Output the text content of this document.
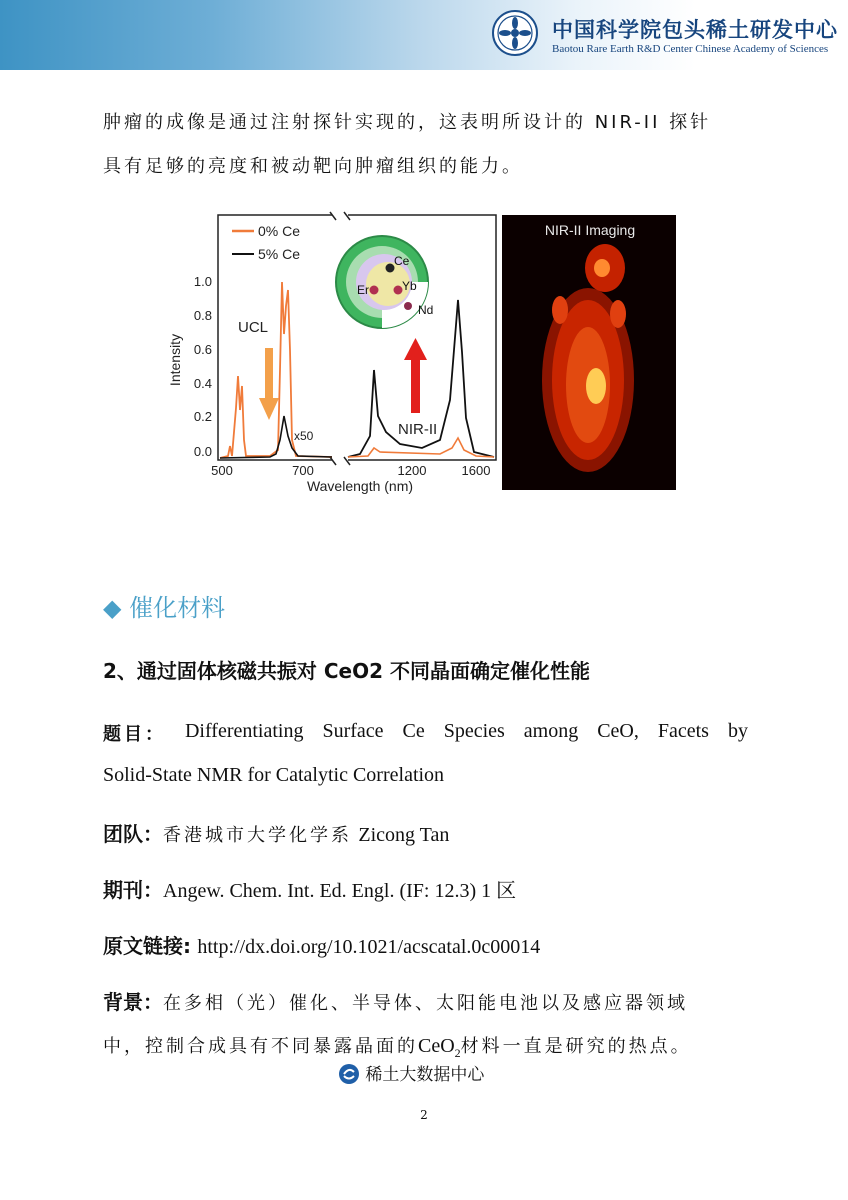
中国科学院包头稀土研发中心
Baotou Rare Earth R&D Center Chinese Academy of Sciences
肿瘤的成像是通过注射探针实现的，这表明所设计的 NIR-II 探针
具有足够的亮度和被动靶向肿瘤组织的能力。
0.0
0.2
0.4
0.6
0.8
1.0
Intensity
500	700	1200	1600
Wavelength (nm)
0% Ce
5% Ce
UCL
x50	NIR-II
Ce
Er	Yb
Nd
NIR-II Imaging
◆ 催化材料
2、通过固体核磁共振对 CeO2 不同晶面确定催化性能
题目： Differentiating Surface Ce Species among CeO, Facets by
Solid-State NMR for Catalytic Correlation
团队：香港城市大学化学系 Zicong Tan
期刊：Angew. Chem. Int. Ed. Engl. (IF: 12.3) 1 区
原文链接: http://dx.doi.org/10.1021/acscatal.0c00014
背景：在多相（光）催化、半导体、太阳能电池以及感应器领域
中，控制合成具有不同暴露晶面的CeO$_2$材料一直是研究的热点。
稀土大数据中心
2
